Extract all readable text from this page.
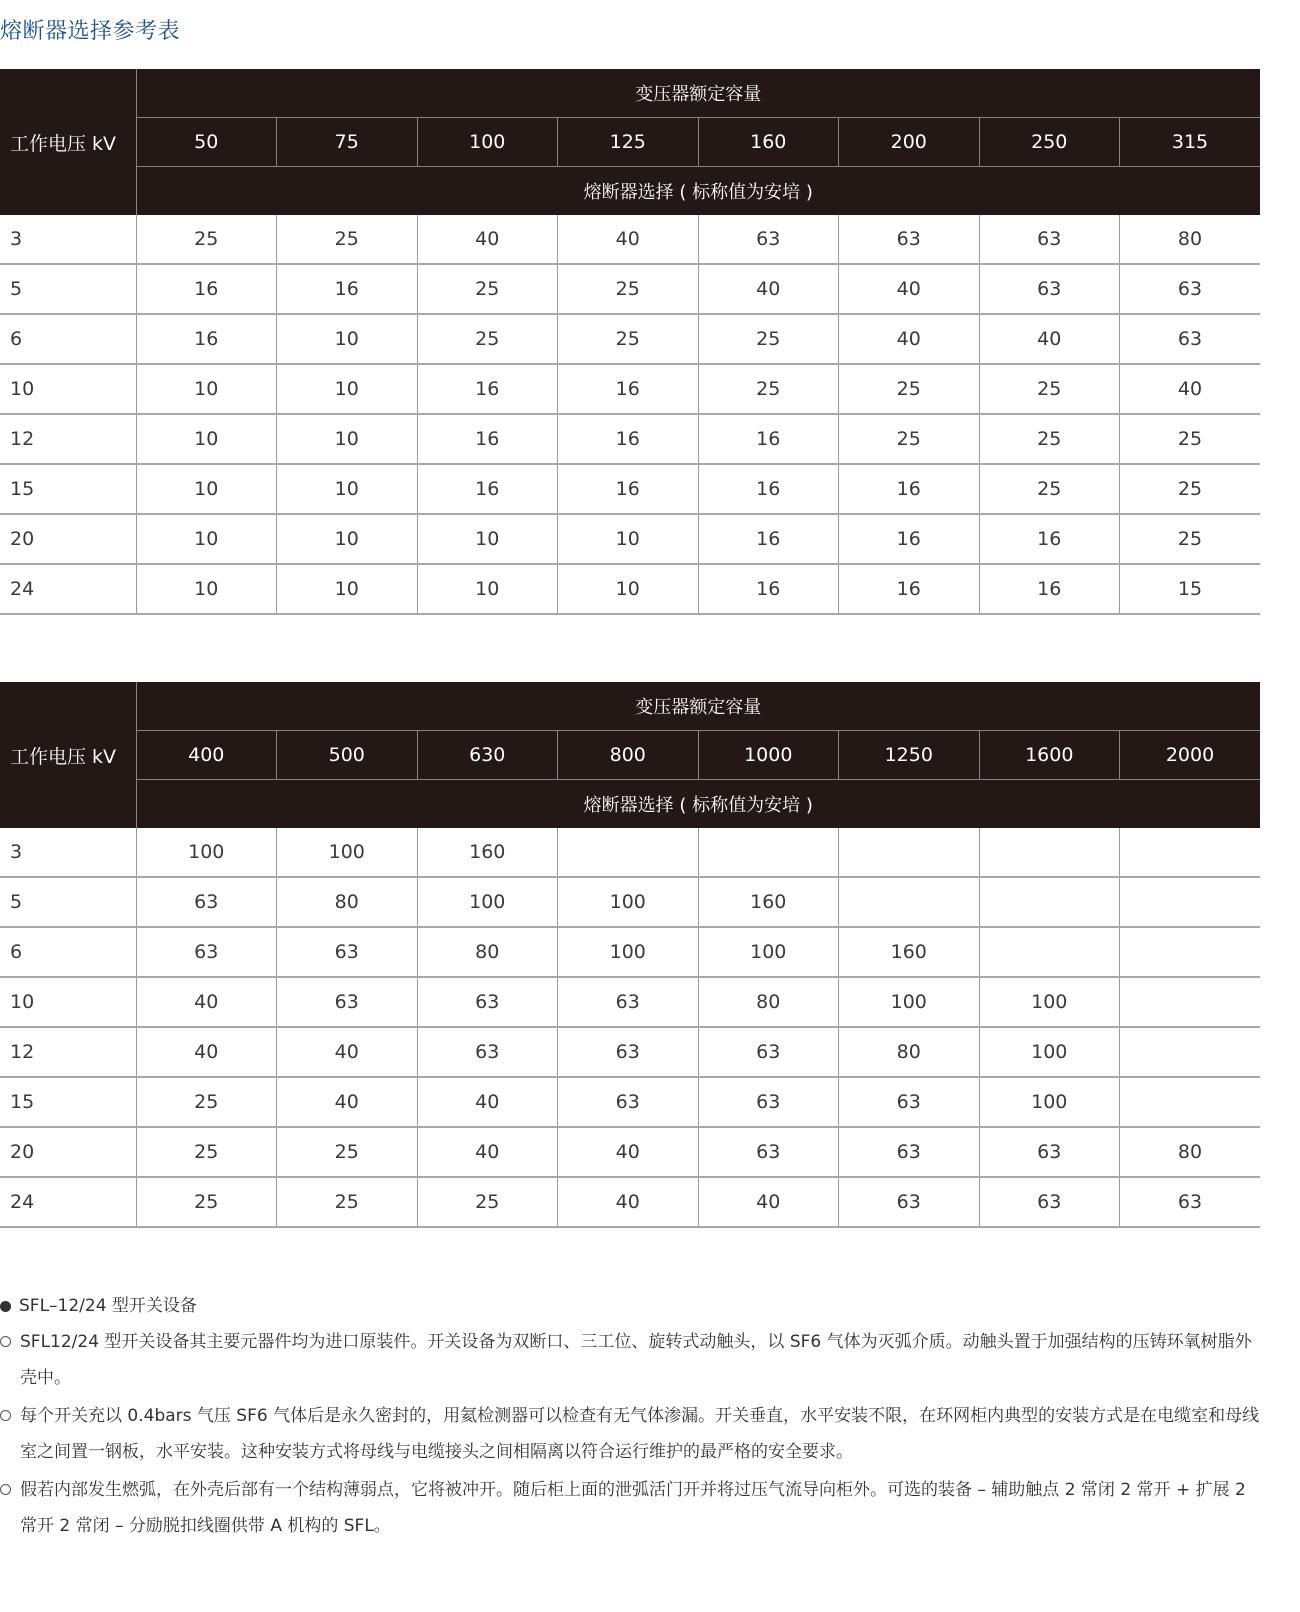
熔断器选择参考表
工作电压 kV	变压器额定容量							
	50	75	100	125	160	200	250	315
	熔断器选择 ( 标称值为安培 )							
3	25	25	40	40	63	63	63	80
5	16	16	25	25	40	40	63	63
6	16	10	25	25	25	40	40	63
10	10	10	16	16	25	25	25	40
12	10	10	16	16	16	25	25	25
15	10	10	16	16	16	16	25	25
20	10	10	10	10	16	16	16	25
24	10	10	10	10	16	16	16	15
工作电压 kV	变压器额定容量							
	400	500	630	800	1000	1250	1600	2000
	熔断器选择 ( 标称值为安培 )							
3	100	100	160					
5	63	80	100	100	160			
6	63	63	80	100	100	160		
10	40	63	63	63	80	100	100	
12	40	40	63	63	63	80	100	
15	25	40	40	63	63	63	100	
20	25	25	40	40	63	63	63	80
24	25	25	25	40	40	63	63	63
SFL–12/24 型开关设备
SFL12/24 型开关设备其主要元器件均为进口原装件。开关设备为双断口、三工位、旋转式动触头，以 SF6 气体为灭弧介质。动触头置于加强结构的压铸环氧树脂外壳中。
每个开关充以 0.4bars 气压 SF6 气体后是永久密封的，用氦检测器可以检查有无气体渗漏。开关垂直，水平安装不限，在环网柜内典型的安装方式是在电缆室和母线室之间置一钢板，水平安装。这种安装方式将母线与电缆接头之间相隔离以符合运行维护的最严格的安全要求。
假若内部发生燃弧，在外壳后部有一个结构薄弱点，它将被冲开。随后柜上面的泄弧活门开并将过压气流导向柜外。可选的装备 – 辅助触点 2 常闭 2 常开 + 扩展 2 常开 2 常闭 – 分励脱扣线圈供带 A 机构的 SFL。
